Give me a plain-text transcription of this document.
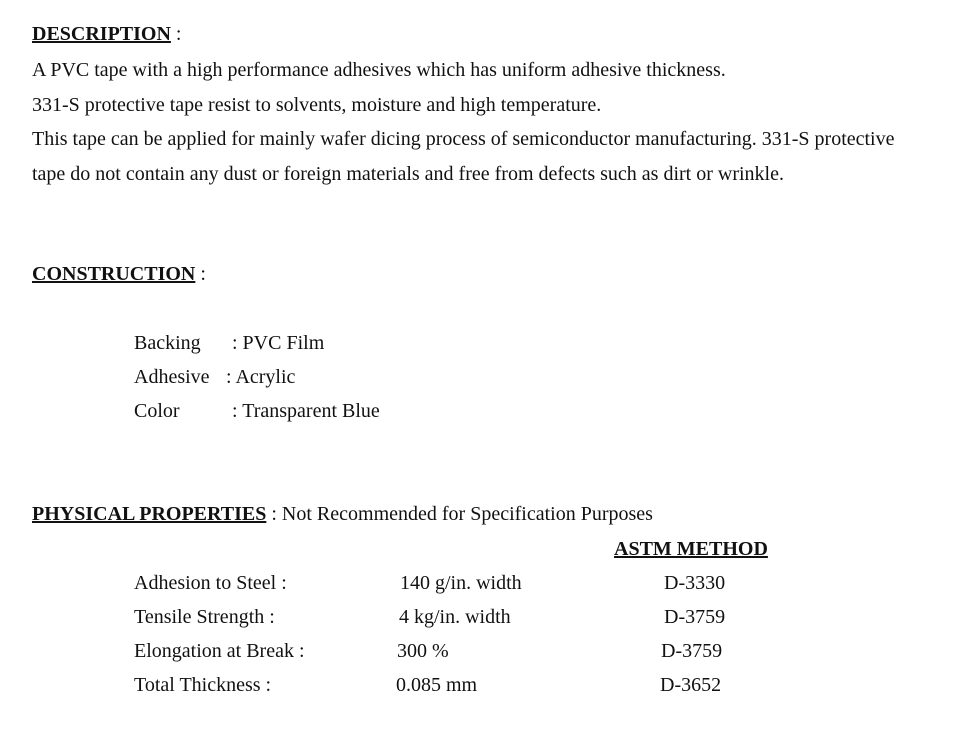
DESCRIPTION :

A PVC tape with a high performance adhesives which has uniform adhesive thickness.

331-S protective tape resist to solvents, moisture and high temperature.

This tape can be applied for mainly wafer dicing process of semiconductor manufacturing. 331-S protective tape do not contain any dust or foreign materials and free from defects such as dirt or wrinkle.

CONSTRUCTION :
Backing : PVC Film
Adhesive : Acrylic
Color	: Transparent Blue
PHYSICAL PROPERTIES : Not Recommended for Specification Purposes
ASTM METHOD
Adhesion to Steel :	140 g/in. width	D-3330
Tensile Strength :	4 kg/in. width	D-3759
Elongation at Break :	300 %	D-3759
Total Thickness :	0.085 mm	D-3652
